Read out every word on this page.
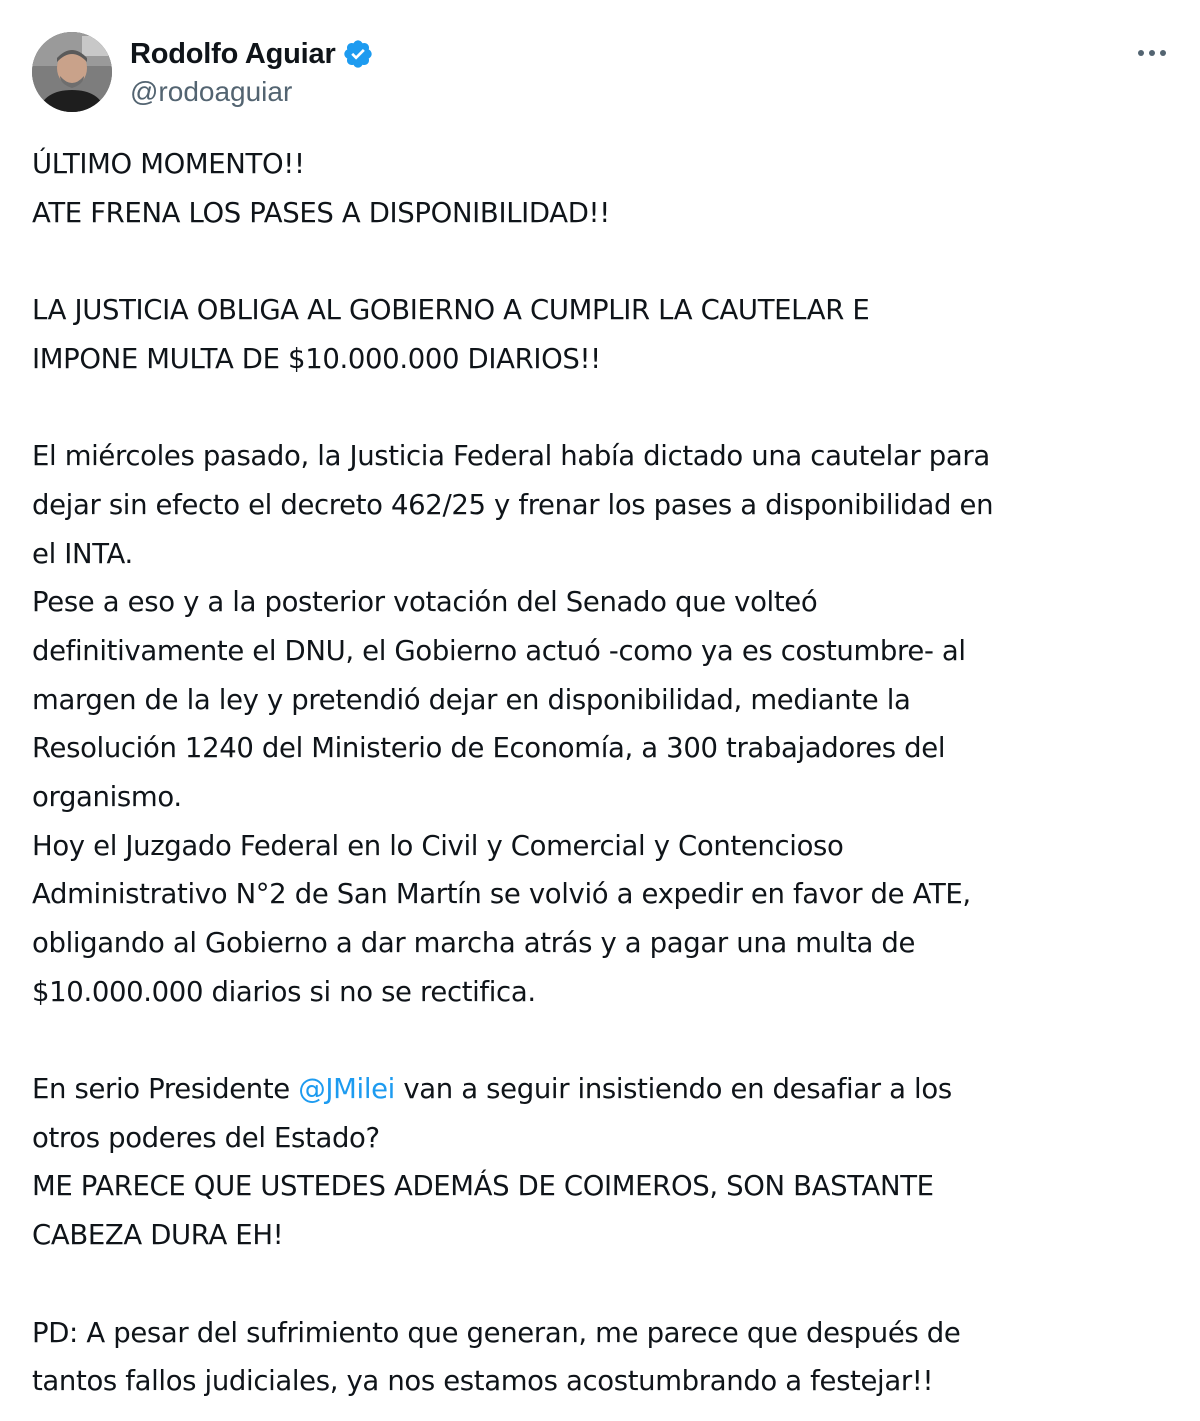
Rodolfo Aguiar
@rodoaguiar
ÚLTIMO MOMENTO!!
ATE FRENA LOS PASES A DISPONIBILIDAD!!
LA JUSTICIA OBLIGA AL GOBIERNO A CUMPLIR LA CAUTELAR E
IMPONE MULTA DE $10.000.000 DIARIOS!!
El miércoles pasado, la Justicia Federal había dictado una cautelar para
dejar sin efecto el decreto 462/25 y frenar los pases a disponibilidad en
el INTA.
Pese a eso y a la posterior votación del Senado que volteó
definitivamente el DNU, el Gobierno actuó -como ya es costumbre- al
margen de la ley y pretendió dejar en disponibilidad, mediante la
Resolución 1240 del Ministerio de Economía, a 300 trabajadores del
organismo.
Hoy el Juzgado Federal en lo Civil y Comercial y Contencioso
Administrativo N°2 de San Martín se volvió a expedir en favor de ATE,
obligando al Gobierno a dar marcha atrás y a pagar una multa de
$10.000.000 diarios si no se rectifica.
En serio Presidente @JMilei van a seguir insistiendo en desafiar a los
otros poderes del Estado?
ME PARECE QUE USTEDES ADEMÁS DE COIMEROS, SON BASTANTE
CABEZA DURA EH!
PD: A pesar del sufrimiento que generan, me parece que después de
tantos fallos judiciales, ya nos estamos acostumbrando a festejar!!
